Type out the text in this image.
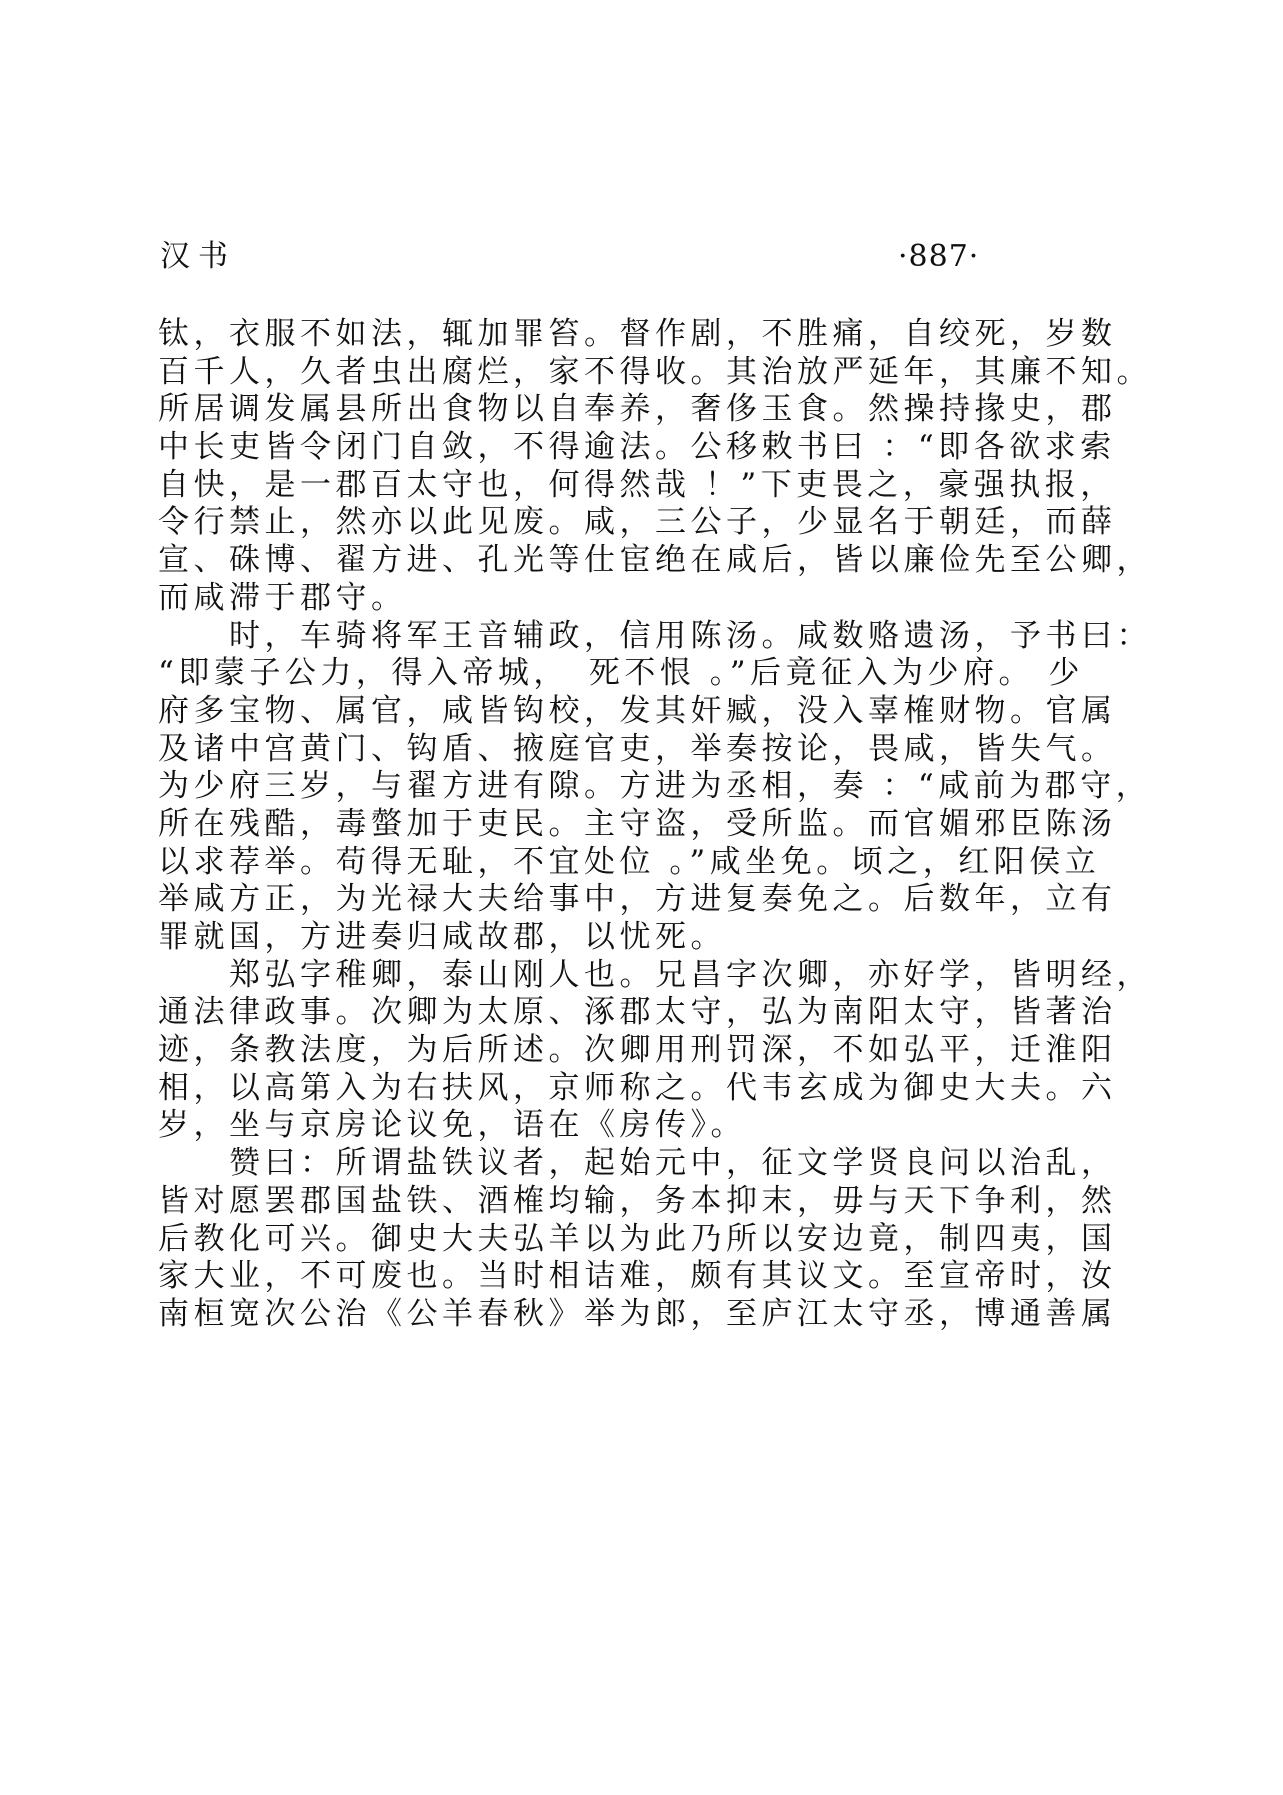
汉书	·887·
钛，衣服不如法，辄加罪笞。督作剧，不胜痛，自绞死，岁数
百千人，久者虫出腐烂，家不得收。其治放严延年，其廉不知。
所居调发属县所出食物以自奉养，奢侈玉食。然操持掾史，郡
中长吏皆令闭门自敛，不得逾法。公移敕书曰 ：“即各欲求索
自快，是一郡百太守也，何得然哉 ！”下吏畏之，豪强执报，
令行禁止，然亦以此见废。咸，三公子，少显名于朝廷，而薛
宣、硃博、翟方进、孔光等仕宦绝在咸后，皆以廉俭先至公卿，
而咸滞于郡守。
　　时，车骑将军王音辅政，信用陈汤。咸数赂遗汤，予书曰：
“即蒙子公力，得入帝城，　死不恨 。”后竟征入为少府。 少
府多宝物、属官，咸皆钩校，发其奸臧，没入辜榷财物。官属
及诸中宫黄门、钩盾、掖庭官吏，举奏按论，畏咸，皆失气。
为少府三岁，与翟方进有隙。方进为丞相，奏 ：“咸前为郡守，
所在残酷，毒螫加于吏民。主守盗，受所监。而官媚邪臣陈汤
以求荐举。苟得无耻，不宜处位 。”咸坐免。顷之，红阳侯立
举咸方正，为光禄大夫给事中，方进复奏免之。后数年，立有
罪就国，方进奏归咸故郡，以忧死。
　　郑弘字稚卿，泰山刚人也。兄昌字次卿，亦好学，皆明经，
通法律政事。次卿为太原、涿郡太守，弘为南阳太守，皆著治
迹，条教法度，为后所述。次卿用刑罚深，不如弘平，迁淮阳
相，以高第入为右扶风，京师称之。代韦玄成为御史大夫。六
岁，坐与京房论议免，语在《房传》。
　　赞曰：所谓盐铁议者，起始元中，征文学贤良问以治乱，
皆对愿罢郡国盐铁、酒榷均输，务本抑末，毋与天下争利，然
后教化可兴。御史大夫弘羊以为此乃所以安边竟，制四夷，国
家大业，不可废也。当时相诘难，颇有其议文。至宣帝时，汝
南桓宽次公治《公羊春秋》举为郎，至庐江太守丞，博通善属
